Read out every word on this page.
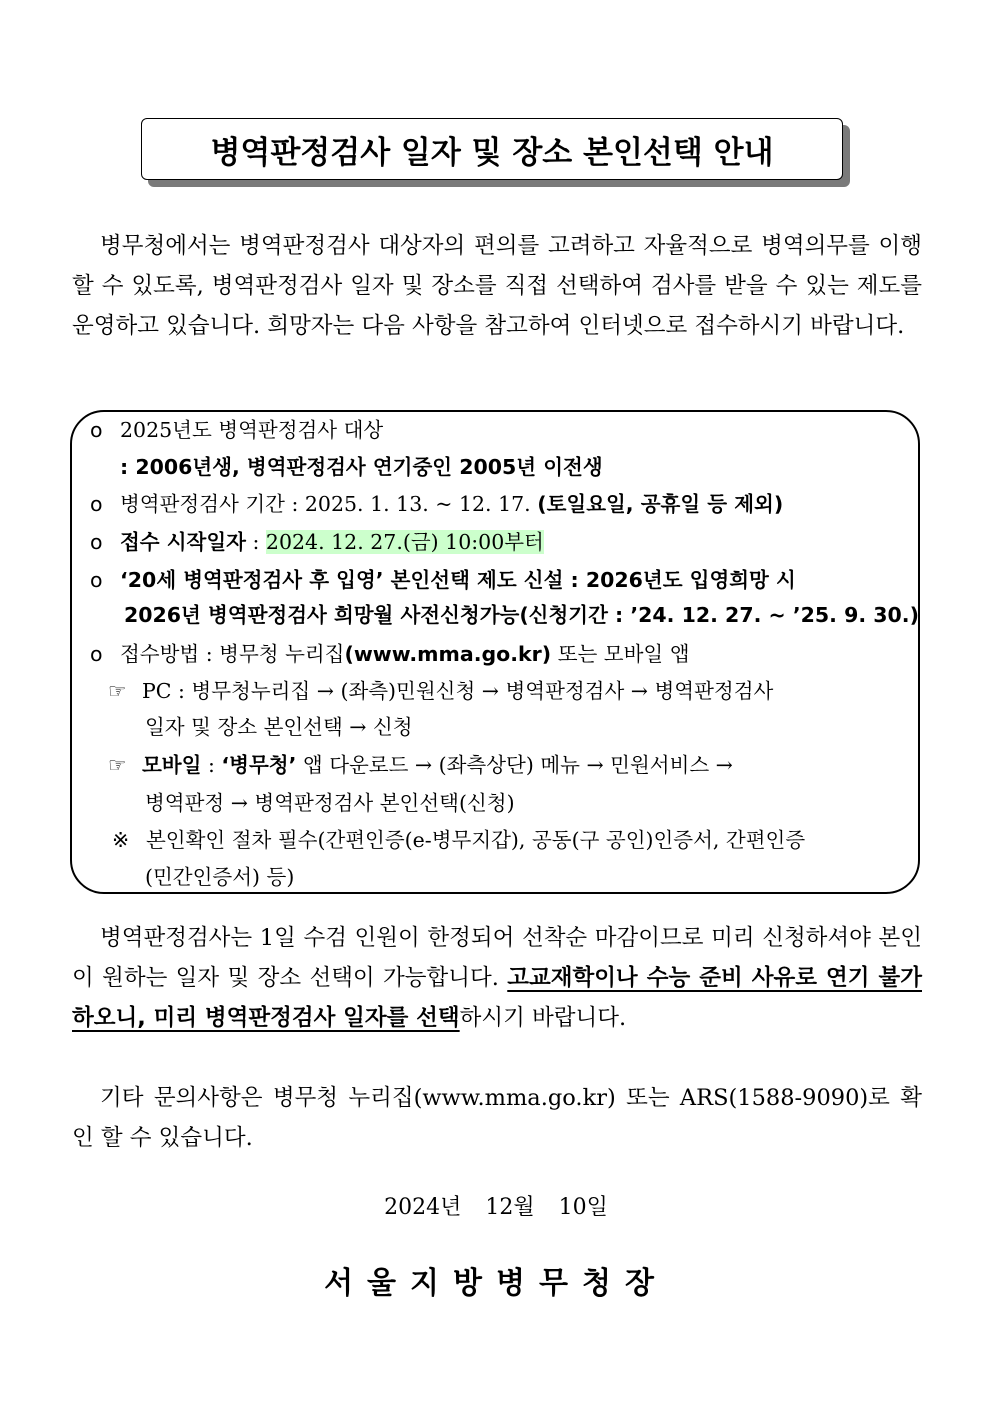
병역판정검사 일자 및 장소 본인선택 안내
병무청에서는 병역판정검사 대상자의 편의를 고려하고 자율적으로 병역의무를 이행할 수 있도록, 병역판정검사 일자 및 장소를 직접 선택하여 검사를 받을 수 있는 제도를 운영하고 있습니다. 희망자는 다음 사항을 참고하여 인터넷으로 접수하시기 바랍니다.
o 2025년도 병역판정검사 대상
: 2006년생, 병역판정검사 연기중인 2005년 이전생
o 병역판정검사 기간 : 2025. 1. 13. ~ 12. 17. (토일요일, 공휴일 등 제외)
o 접수 시작일자 : 2024. 12. 27.(금) 10:00부터
o ‘20세 병역판정검사 후 입영’ 본인선택 제도 신설 : 2026년도 입영희망 시
2026년 병역판정검사 희망월 사전신청가능(신청기간 : ’24. 12. 27. ~ ’25. 9. 30.)
o 접수방법 : 병무청 누리집(www.mma.go.kr) 또는 모바일 앱
☞ PC : 병무청누리집 → (좌측)민원신청 → 병역판정검사 → 병역판정검사
일자 및 장소 본인선택 → 신청
☞ 모바일 : ‘병무청’ 앱 다운로드 → (좌측상단) 메뉴 → 민원서비스 →
병역판정 → 병역판정검사 본인선택(신청)
※ 본인확인 절차 필수(간편인증(e-병무지갑), 공동(구 공인)인증서, 간편인증
(민간인증서) 등)
병역판정검사는 1일 수검 인원이 한정되어 선착순 마감이므로 미리 신청하셔야 본인이 원하는 일자 및 장소 선택이 가능합니다. 고교재학이나 수능 준비 사유로 연기 불가하오니, 미리 병역판정검사 일자를 선택하시기 바랍니다.
기타 문의사항은 병무청 누리집(www.mma.go.kr) 또는 ARS(1588-9090)로 확인 할 수 있습니다.
2024년 12월 10일
서울지방병무청장
